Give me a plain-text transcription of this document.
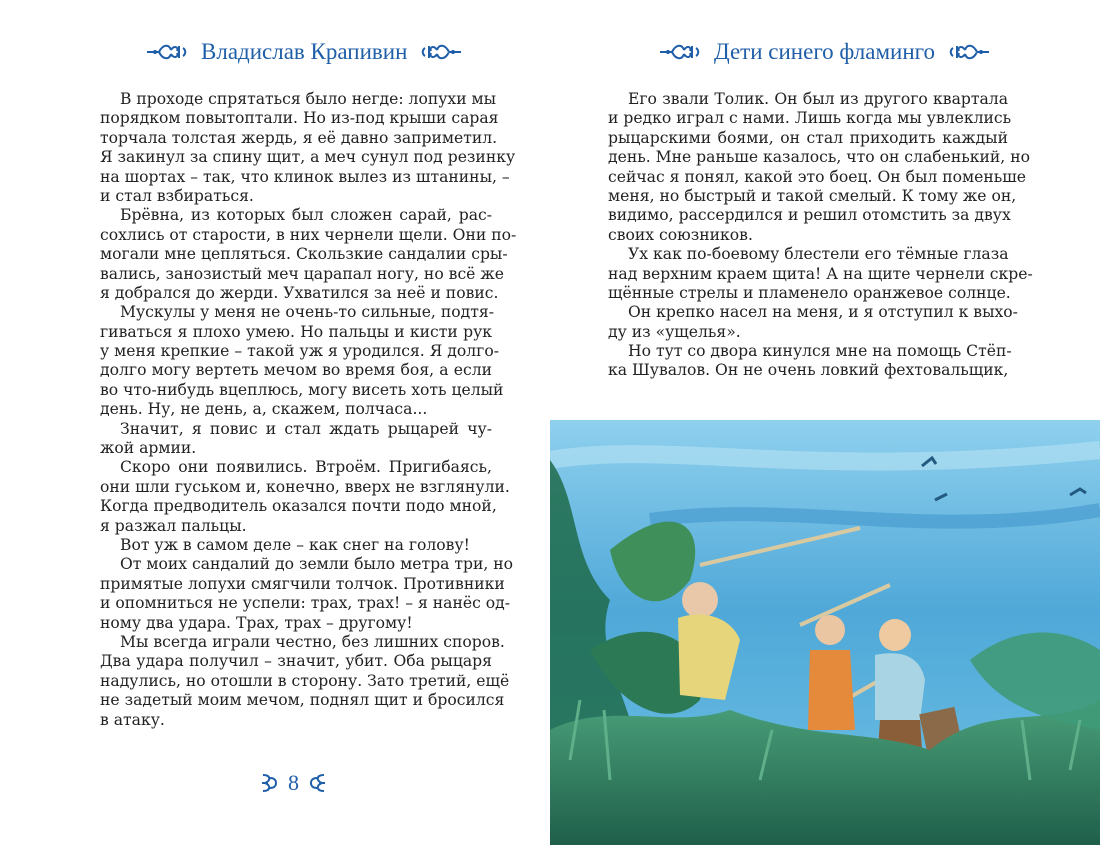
Владислав Крапивин	Дети синего фламинго
В проходе спрятаться было негде: лопухи мы
порядком повытоптали. Но из-под крыши сарая
торчала толстая жердь, я её давно заприметил.
Я закинул за спину щит, а меч сунул под резинку
на шортах – так, что клинок вылез из штанины, –
и стал взбираться.
Брёвна, из которых был сложен сарай, рас-
сохлись от старости, в них чернели щели. Они по-
могали мне цепляться. Скользкие сандалии сры-
вались, занозистый меч царапал ногу, но всё же
я добрался до жерди. Ухватился за неё и повис.
Мускулы у меня не очень-то сильные, подтя-
гиваться я плохо умею. Но пальцы и кисти рук
у меня крепкие – такой уж я уродился. Я долго-
долго могу вертеть мечом во время боя, а если
во что-нибудь вцеплюсь, могу висеть хоть целый
день. Ну, не день, а, скажем, полчаса...
Значит, я повис и стал ждать рыцарей чу-
жой армии.
Скоро они появились. Втроём. Пригибаясь,
они шли гуськом и, конечно, вверх не взглянули.
Когда предводитель оказался почти подо мной,
я разжал пальцы.
Вот уж в самом деле – как снег на голову!
От моих сандалий до земли было метра три, но
примятые лопухи смягчили толчок. Противники
и опомниться не успели: трах, трах! – я нанёс од-
ному два удара. Трах, трах – другому!
Мы всегда играли честно, без лишних споров.
Два удара получил – значит, убит. Оба рыцаря
надулись, но отошли в сторону. Зато третий, ещё
не задетый моим мечом, поднял щит и бросился
в атаку.
Его звали Толик. Он был из другого квартала
и редко играл с нами. Лишь когда мы увлеклись
рыцарскими боями, он стал приходить каждый
день. Мне раньше казалось, что он слабенький, но
сейчас я понял, какой это боец. Он был поменьше
меня, но быстрый и такой смелый. К тому же он,
видимо, рассердился и решил отомстить за двух
своих союзников.
Ух как по-боевому блестели его тёмные глаза
над верхним краем щита! А на щите чернели скре-
щённые стрелы и пламенело оранжевое солнце.
Он крепко насел на меня, и я отступил к выхо-
ду из «ущелья».
Но тут со двора кинулся мне на помощь Стёп-
ка Шувалов. Он не очень ловкий фехтовальщик,
8
